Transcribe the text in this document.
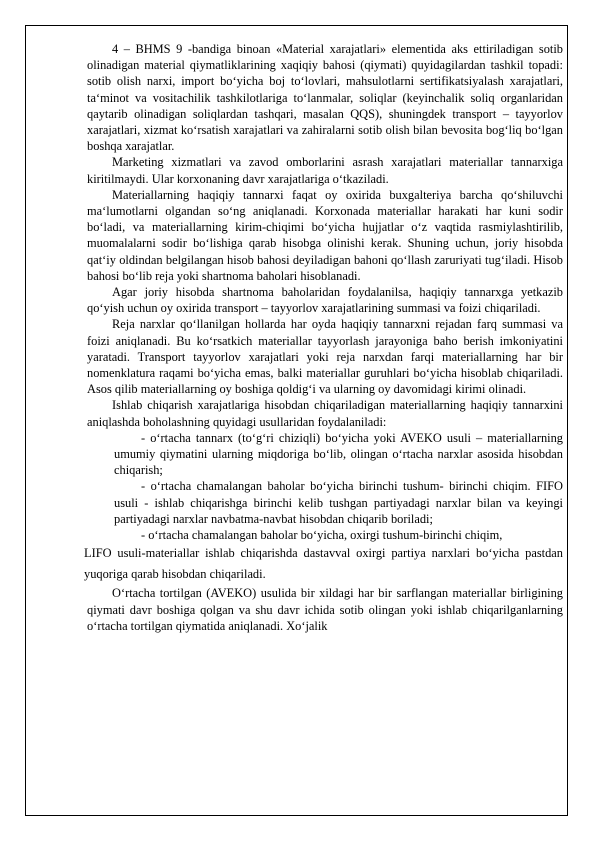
4 – BHMS 9 -bandiga binoan «Material xarajatlari» elementida aks ettiriladigan sotib olinadigan material qiymatliklarining xaqiqiy bahosi (qiymati) quyidagilardan tashkil topadi: sotib olish narxi, import bo‘yicha boj to‘lovlari, mahsulotlarni sertifikatsiyalash xarajatlari, ta‘minot va vositachilik tashkilotlariga to‘lanmalar, soliqlar (keyinchalik soliq organlaridan qaytarib olinadigan soliqlardan tashqari, masalan QQS), shuningdek transport – tayyorlov xarajatlari, xizmat ko‘rsatish xarajatlari va zahiralarni sotib olish bilan bevosita bog‘liq bo‘lgan boshqa xarajatlar.

Marketing xizmatlari va zavod omborlarini asrash xarajatlari materiallar tannarxiga kiritilmaydi. Ular korxonaning davr xarajatlariga o‘tkaziladi.

Materiallarning haqiqiy tannarxi faqat oy oxirida buxgalteriya barcha qo‘shiluvchi ma‘lumotlarni olgandan so‘ng aniqlanadi. Korxonada materiallar harakati har kuni sodir bo‘ladi, va materiallarning kirim-chiqimi bo‘yicha hujjatlar o‘z vaqtida rasmiylashtirilib, muomalalarni sodir bo‘lishiga qarab hisobga olinishi kerak. Shuning uchun, joriy hisobda qat‘iy oldindan belgilangan hisob bahosi deyiladigan bahoni qo‘llash zaruriyati tug‘iladi. Hisob bahosi bo‘lib reja yoki shartnoma baholari hisoblanadi.

Agar joriy hisobda shartnoma baholaridan foydalanilsa, haqiqiy tannarxga yetkazib qo‘yish uchun oy oxirida transport – tayyorlov xarajatlarining summasi va foizi chiqariladi.

Reja narxlar qo‘llanilgan hollarda har oyda haqiqiy tannarxni rejadan farq summasi va foizi aniqlanadi. Bu ko‘rsatkich materiallar tayyorlash jarayoniga baho berish imkoniyatini yaratadi. Transport tayyorlov xarajatlari yoki reja narxdan farqi materiallarning har bir nomenklatura raqami bo‘yicha emas, balki materiallar guruhlari bo‘yicha hisoblab chiqariladi. Asos qilib materiallarning oy boshiga qoldig‘i va ularning oy davomidagi kirimi olinadi.

Ishlab chiqarish xarajatlariga hisobdan chiqariladigan materiallarning haqiqiy tannarxini aniqlashda boholashning quyidagi usullaridan foydalaniladi:

- o‘rtacha tannarx (to‘g‘ri chiziqli) bo‘yicha yoki AVEKO usuli – materiallarning umumiy qiymatini ularning miqdoriga bo‘lib, olingan o‘rtacha narxlar asosida hisobdan chiqarish;

- o‘rtacha chamalangan baholar bo‘yicha birinchi tushum- birinchi chiqim. FIFO usuli - ishlab chiqarishga birinchi kelib tushgan partiyadagi narxlar bilan va keyingi partiyadagi narxlar navbatma-navbat hisobdan chiqarib boriladi;

- o‘rtacha chamalangan baholar bo‘yicha, oxirgi tushum-birinchi chiqim,

LIFO usuli-materiallar ishlab chiqarishda dastavval oxirgi partiya narxlari bo‘yicha pastdan yuqoriga qarab hisobdan chiqariladi.

O‘rtacha tortilgan (AVEKO) usulida bir xildagi har bir sarflangan materiallar birligining qiymati davr boshiga qolgan va shu davr ichida sotib olingan yoki ishlab chiqarilganlarning o‘rtacha tortilgan qiymatida aniqlanadi. Xo‘jalik
